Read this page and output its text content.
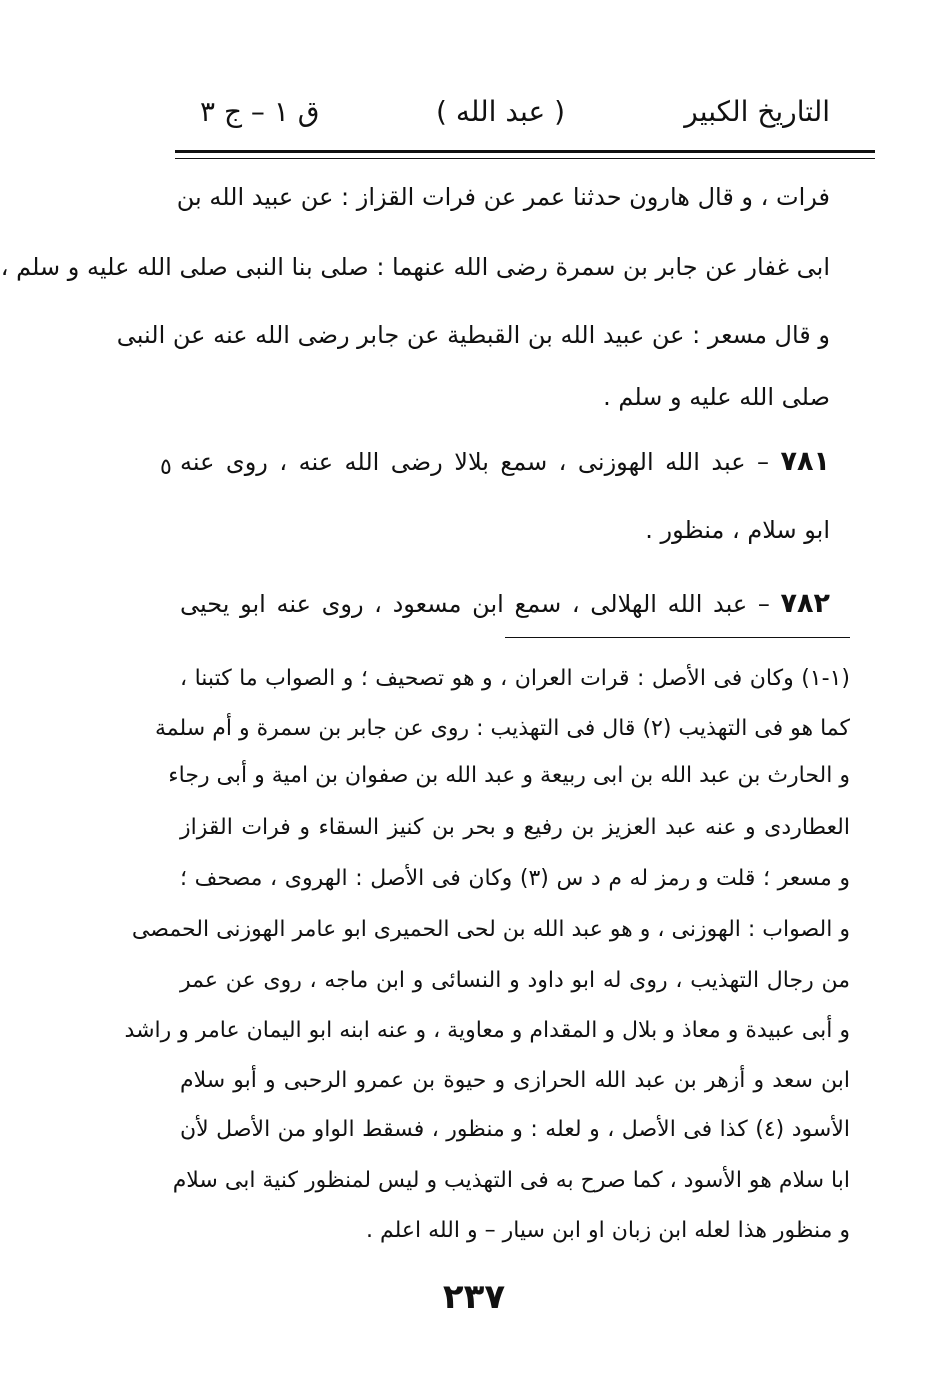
التاريخ الكبير
( عبد الله )
ق ١ – ج ٣
فرات ، و قال هارون حدثنا عمر عن فرات القزاز : عن عبيد الله بن
ابى غفار عن جابر بن سمرة رضى الله عنهما : صلى بنا النبى صلى الله عليه و سلم ،
و قال مسعر : عن عبيد الله بن القبطية عن جابر رضى الله عنه عن النبى
صلى الله عليه و سلم .
٧٨١ – عبد الله الهوزنى ، سمع بلالا رضى الله عنه ، روى عنه
ابو سلام ، منظور .
٧٨٢ – عبد الله الهلالى ، سمع ابن مسعود ، روى عنه ابو يحيى
٥
(١-١) وكان فى الأصل : قرات العران ، و هو تصحيف ؛ و الصواب ما كتبنا ،
كما هو فى التهذيب (٢) قال فى التهذيب : روى عن جابر بن سمرة و أم سلمة
و الحارث بن عبد الله بن ابى ربيعة و عبد الله بن صفوان بن امية و أبى رجاء
العطاردى و عنه عبد العزيز بن رفيع و بحر بن كنيز السقاء و فرات القزاز
و مسعر ؛ قلت و رمز له م د س (٣) وكان فى الأصل : الهروى ، مصحف ؛
و الصواب : الهوزنى ، و هو عبد الله بن لحى الحميرى ابو عامر الهوزنى الحمصى
من رجال التهذيب ، روى له ابو داود و النسائى و ابن ماجه ، روى عن عمر
و أبى عبيدة و معاذ و بلال و المقدام و معاوية ، و عنه ابنه ابو اليمان عامر و راشد
ابن سعد و أزهر بن عبد الله الحرازى و حيوة بن عمرو الرحبى و أبو سلام
الأسود (٤) كذا فى الأصل ، و لعله : و منظور ، فسقط الواو من الأصل لأن
ابا سلام هو الأسود ، كما صرح به فى التهذيب و ليس لمنظور كنية ابى سلام
و منظور هذا لعله ابن زبان او ابن سيار – و الله اعلم .
٢٣٧
